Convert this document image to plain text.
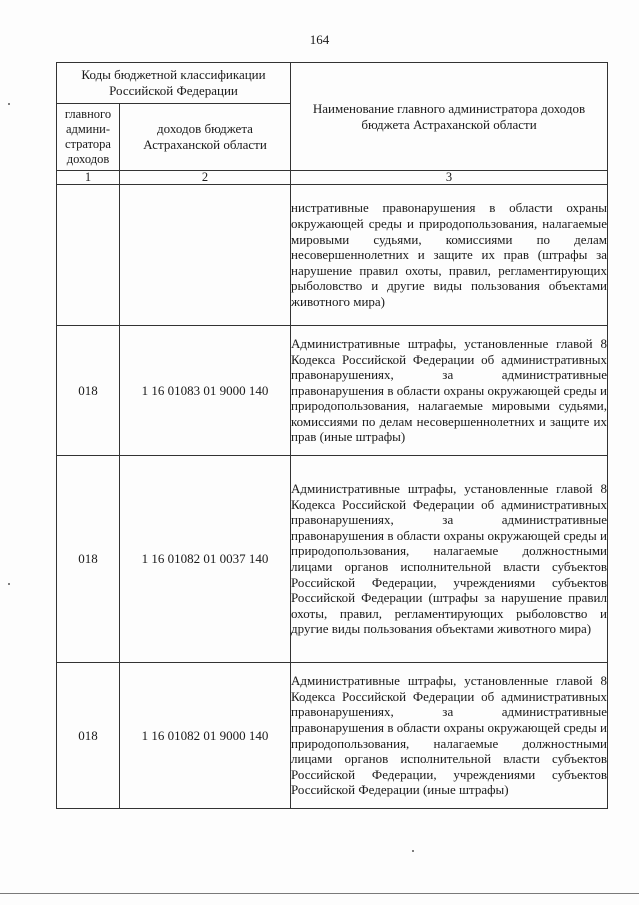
164
Коды бюджетной классификации Российской Федерации		Наименование главного администратора доходов бюджета Астраханской области
главного админи-стратора доходов	доходов бюджета Астраханской области	
1	2	3
		нистративные правонарушения в области охраны окружающей среды и природопользования, налагаемые мировыми судьями, комиссиями по делам несовершеннолетних и защите их прав (штрафы за нарушение правил охоты, правил, регламентирующих рыболовство и другие виды пользования объектами животного мира)
018	1 16 01083 01 9000 140	Административные штрафы, установленные главой 8 Кодекса Российской Федерации об административных правонарушениях, за административные правонарушения в области охраны окружающей среды и природопользования, налагаемые мировыми судьями, комиссиями по делам несовершеннолетних и защите их прав (иные штрафы)
018	1 16 01082 01 0037 140	Административные штрафы, установленные главой 8 Кодекса Российской Федерации об административных правонарушениях, за административные правонарушения в области охраны окружающей среды и природопользования, налагаемые должностными лицами органов исполнительной власти субъектов Российской Федерации, учреждениями субъектов Российской Федерации (штрафы за нарушение правил охоты, правил, регламентирующих рыболовство и другие виды пользования объектами животного мира)
018	1 16 01082 01 9000 140	Административные штрафы, установленные главой 8 Кодекса Российской Федерации об административных правонарушениях, за административные правонарушения в области охраны окружающей среды и природопользования, налагаемые должностными лицами органов исполнительной власти субъектов Российской Федерации, учреждениями субъектов Российской Федерации (иные штрафы)
